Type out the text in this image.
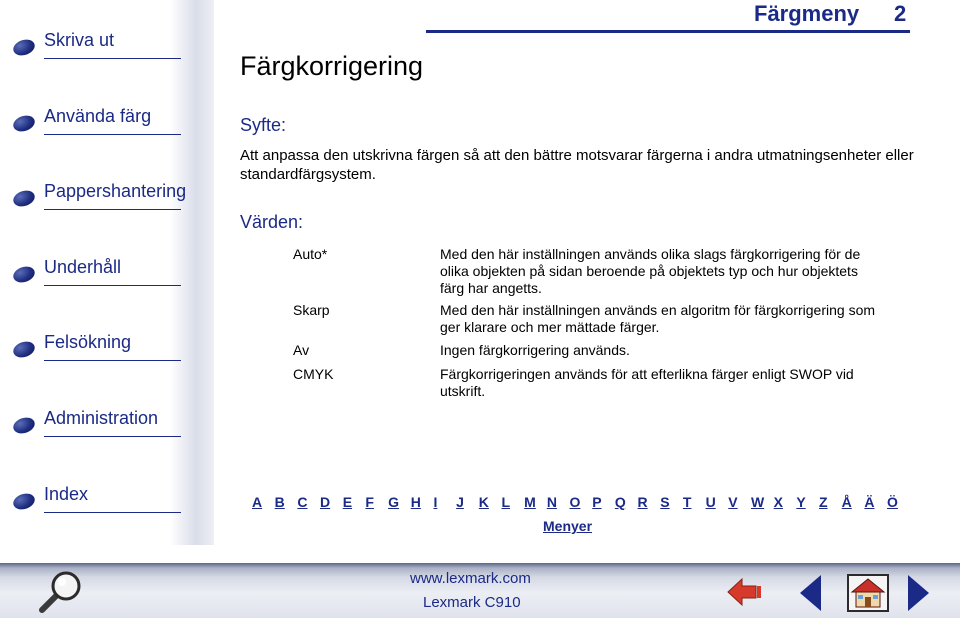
Skriva ut
Använda färg
Pappershantering
Underhåll
Felsökning
Administration
Index
Färgmeny 2
Färgkorrigering
Syfte:
Att anpassa den utskrivna färgen så att den bättre motsvarar färgerna i andra utmatningsenheter eller standardfärgsystem.
Värden:
Auto*	Med den här inställningen används olika slags färgkorrigering för de olika objekten på sidan beroende på objektets typ och hur objektets färg har angetts.
Skarp	Med den här inställningen används en algoritm för färgkorrigering som ger klarare och mer mättade färger.
Av	Ingen färgkorrigering används.
CMYK	Färgkorrigeringen används för att efterlikna färger enligt SWOP vid utskrift.
A B C D E F G H I J K L M N O P Q R S T U V W X Y Z Å Ä Ö
Menyer
www.lexmark.com
Lexmark C910
